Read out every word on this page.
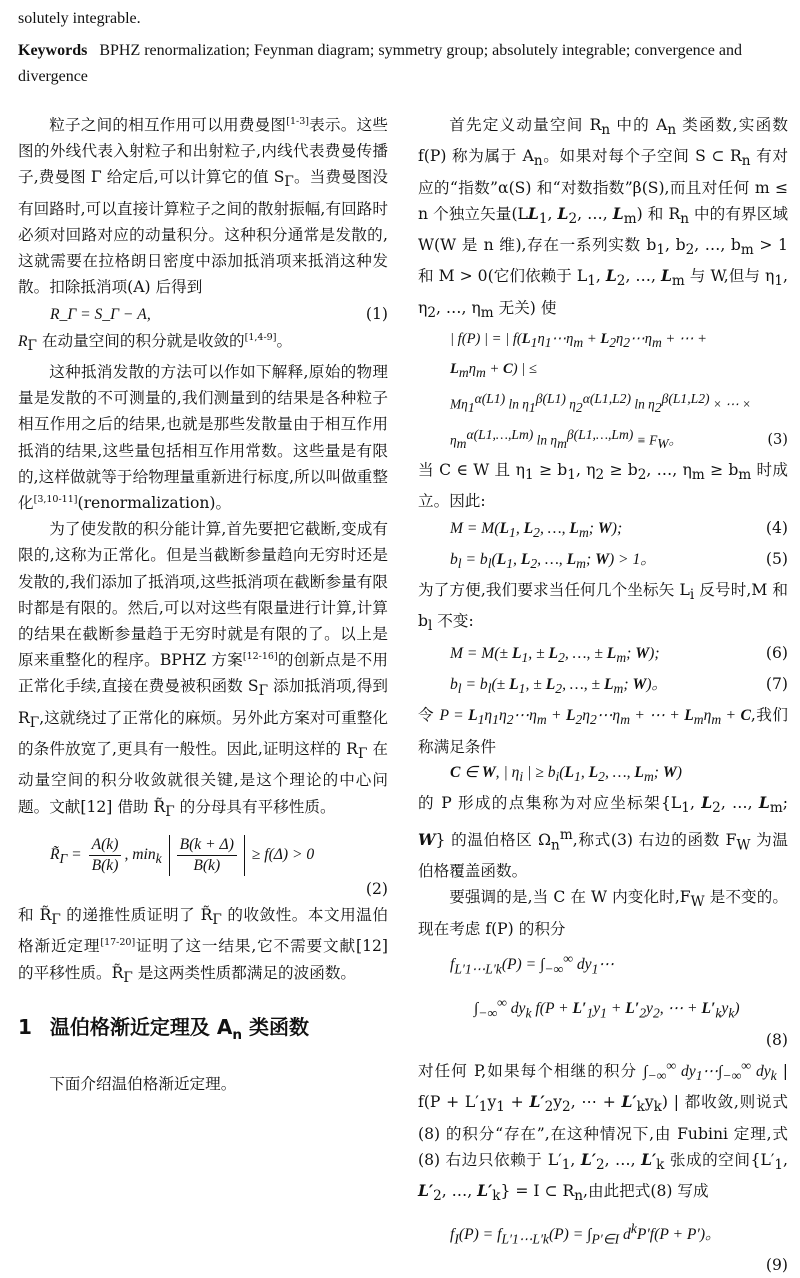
solutely integrable.
Keywords BPHZ renormalization; Feynman diagram; symmetry group; absolutely integrable; convergence and divergence

粒子之间的相互作用可以用费曼图[1-3]表示。这些图的外线代表入射粒子和出射粒子,内线代表费曼传播子,费曼图 Γ 给定后,可以计算它的值 $S_\Gamma$。当费曼图没有回路时,可以直接计算粒子之间的散射振幅,有回路时必须对回路对应的动量积分。这种积分通常是发散的,这就需要在拉格朗日密度中添加抵消项来抵消这种发散。扣除抵消项(A) 后得到

R_Γ = S_Γ − A,	(1)

$R_\Gamma$ 在动量空间的积分就是收敛的[1,4-9]。

这种抵消发散的方法可以作如下解释,原始的物理量是发散的不可测量的,我们测量到的结果是各种粒子相互作用之后的结果,也就是那些发散量由于相互作用抵消的结果,这些量包括相互作用常数。这些量是有限的,这样做就等于给物理量重新进行标度,所以叫做重整化[3,10-11](renormalization)。

为了使发散的积分能计算,首先要把它截断,变成有限的,这称为正常化。但是当截断参量趋向无穷时还是发散的,我们添加了抵消项,这些抵消项在截断参量有限时都是有限的。然后,可以对这些有限量进行计算,计算的结果在截断参量趋于无穷时就是有限的了。以上是原来重整化的程序。BPHZ 方案[12-16]的创新点是不用正常化手续,直接在费曼被积函数 $S_\Gamma$ 添加抵消项,得到 $R_\Gamma$,这就绕过了正常化的麻烦。另外此方案对可重整化的条件放宽了,更具有一般性。因此,证明这样的 $R_\Gamma$ 在动量空间的积分收敛就很关键,是这个理论的中心问题。文献[12] 借助 $R̃_\Gamma$ 的分母具有平移性质。

$R̃_\Gamma = \frac{A(k)}{B(k)}$ , $\min_k \frac{B(k + \Delta)}{B(k)} \ge f(\Delta) > 0$
(2)

和 $R̃_\Gamma$ 的递推性质证明了 $R̃_\Gamma$ 的收敛性。本文用温伯格渐近定理[17-20]证明了这一结果,它不需要文献[12] 的平移性质。$R̃_\Gamma$ 是这两类性质都满足的波函数。

1 温伯格渐近定理及 $A_n$ 类函数

下面介绍温伯格渐近定理。

首先定义动量空间 $R_n$ 中的 $A_n$ 类函数,实函数 f(P) 称为属于 $A_n$。如果对每个子空间 S ⊂ $R_n$ 有对应的“指数”α(S) 和“对数指数”β(S),而且对任何 m ≤ n 个独立矢量($LL_1$, $L_2$, …, $L_m$) 和 $R_n$ 中的有界区域 W(W 是 n 维),存在一系列实数 $b_1$, $b_2$, …, $b_m > 1$ 和 M > 0(它们依赖于 $L_1$, $L_2$, …, $L_m$ 与 W,但与 $\eta_1$, $\eta_2$, …, $\eta_m$ 无关) 使

| f(P) | = | $f(L_1\eta_1\cdots\eta_m$ + $L_2\eta_2\cdots\eta_m$ + ⋯ +
$L_m\eta_m + C$) | ≤
$M\eta_1^{\alpha(L1)}$ $\ln \eta_1^{\beta(L1)}$ $\eta_2^{\alpha(L1,L2)}$ $\ln \eta_2^{\beta(L1,L2)}$ × ⋯ ×
$\eta_m^{\alpha(L1,\dots,Lm)}$ $\ln \eta_m^{\beta(L1,\dots,Lm)} \equiv F_W$。	(3)

当 C ∈ W 且 $\eta_1 \ge b_1$, $\eta_2 \ge b_2$, …, $\eta_m \ge b_m$ 时成立。因此:

$M = M(L_1$, $L_2$, …, $L_m$; W);	(4)
$b_l = b_l(L_1$, $L_2$, …, $L_m$; W) > 1。	(5)

为了方便,我们要求当任何几个坐标矢 $L_i$ 反号时,M 和 $b_l$ 不变:

$M = M(\pm L_1$, ± $L_2$, …, ± $L_m$; W);	(6)
$b_l = b_l(\pm L_1$, ± $L_2$, …, ± $L_m$; W)。	(7)

令 $P = L_1\eta_1\eta_2\cdots\eta_m$ + $L_2\eta_2\cdots\eta_m$ + ⋯ + $L_m\eta_m + C$,我们称满足条件

C ∈ W, | $\eta_i$ | ≥ $b_i(L_1$, $L_2$, …, $L_m$; W)

的 P 形成的点集称为对应坐标架{$L_1$, $L_2$, …, $L_m$; W} 的温伯格区 $\Omega_n^m$,称式(3) 右边的函数 $F_W$ 为温伯格覆盖函数。

要强调的是,当 C 在 W 内变化时$,F_W$ 是不变的。现在考虑 f(P) 的积分

$f_{L'1\cdots L'k}(P) = \int_{-\infty}^\infty$ $dy_1\cdots$
$\int_{-\infty}^\infty$ $dy_k$ $f(P + L'_1y_1 + L'_2y_2$, ⋯ + $L'_ky_k$)
(8)

对任何 P,如果每个相继的积分 $\int_{-\infty}^\infty$ $dy_1\cdots\int_{-\infty}^\infty$ $dy_k$ | $f(P + L'_1y_1 + L'_2y_2$, ⋯ + $L'_ky_k$) | 都收敛,则说式(8) 的积分“存在”,在这种情况下,由 Fubini 定理,式(8) 右边只依赖于 $L'_1$, $L'_2$, …, $L'_k$ 张成的空间{$L'_1$, $L'_2$, …, $L'_k\} = I$ ⊂ $R_n$,由此把式(8) 写成

$f_I(P) = f_{L'1\cdots L'k}(P) = \int_{P'\in I}$ $d^kP'f(P + P')$。
(9)
